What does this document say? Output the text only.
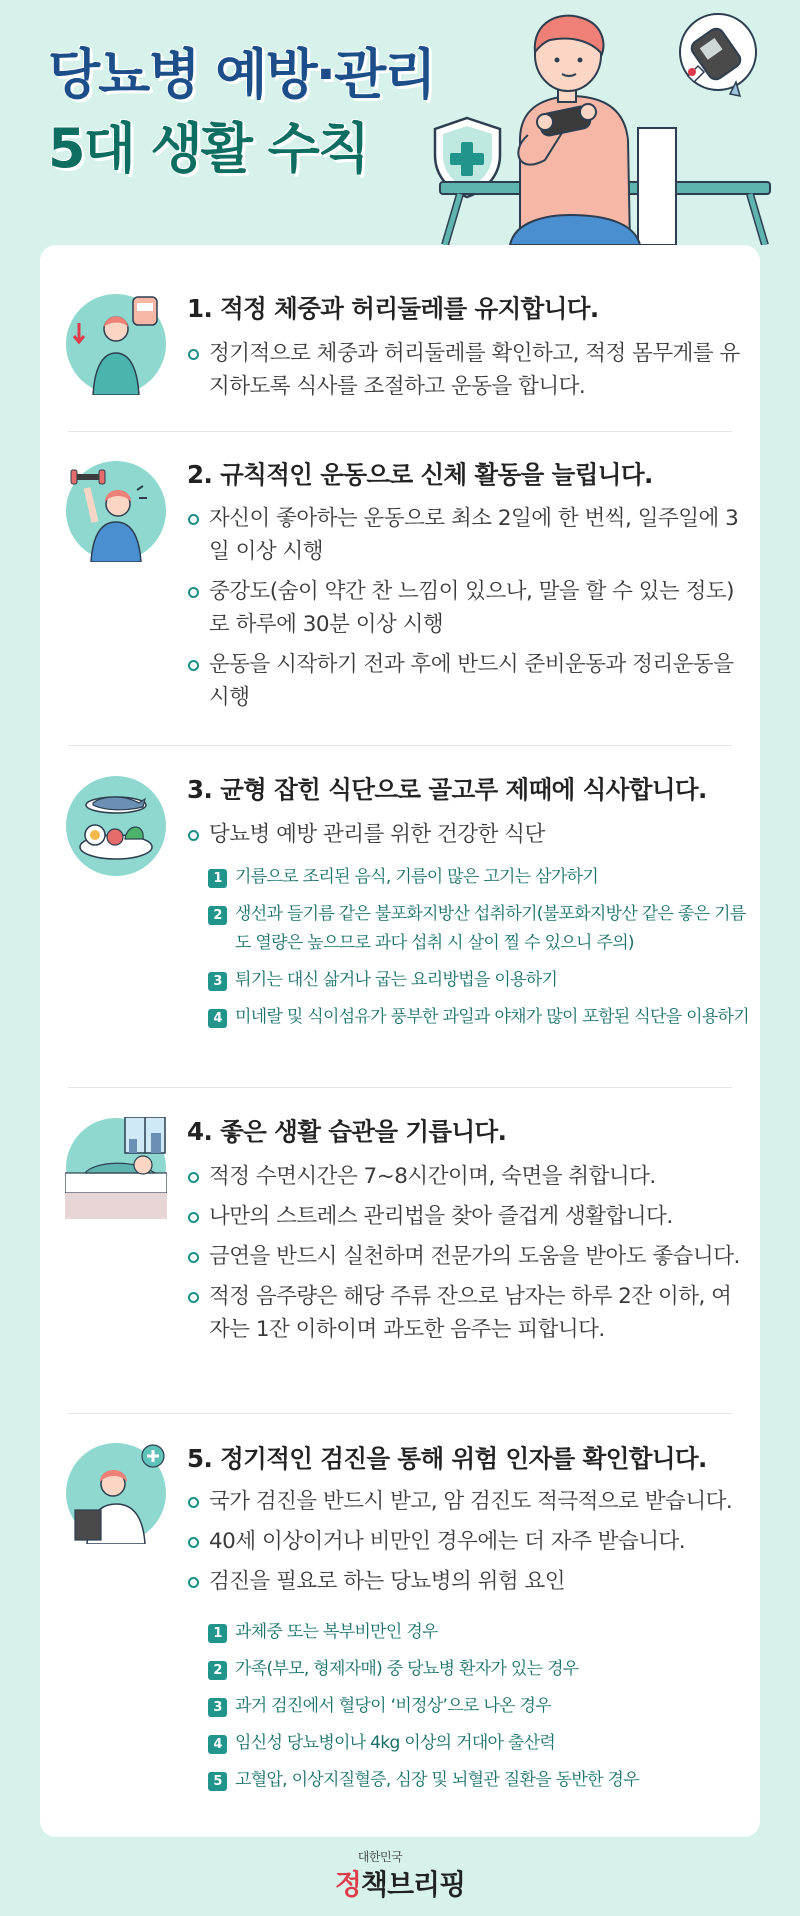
당뇨병 예방·관리
5대 생활 수칙
1. 적정 체중과 허리둘레를 유지합니다.
정기적으로 체중과 허리둘레를 확인하고, 적정 몸무게를 유지하도록 식사를 조절하고 운동을 합니다.
2. 규칙적인 운동으로 신체 활동을 늘립니다.
자신이 좋아하는 운동으로 최소 2일에 한 번씩, 일주일에 3일 이상 시행
중강도(숨이 약간 찬 느낌이 있으나, 말을 할 수 있는 정도)로 하루에 30분 이상 시행
운동을 시작하기 전과 후에 반드시 준비운동과 정리운동을 시행
3. 균형 잡힌 식단으로 골고루 제때에 식사합니다.
당뇨병 예방 관리를 위한 건강한 식단
1 기름으로 조리된 음식, 기름이 많은 고기는 삼가하기
2 생선과 들기름 같은 불포화지방산 섭취하기(불포화지방산 같은 좋은 기름도 열량은 높으므로 과다 섭취 시 살이 찔 수 있으니 주의)
3 튀기는 대신 삶거나 굽는 요리방법을 이용하기
4 미네랄 및 식이섬유가 풍부한 과일과 야채가 많이 포함된 식단을 이용하기
4. 좋은 생활 습관을 기릅니다.
적정 수면시간은 7~8시간이며, 숙면을 취합니다.
나만의 스트레스 관리법을 찾아 즐겁게 생활합니다.
금연을 반드시 실천하며 전문가의 도움을 받아도 좋습니다.
적정 음주량은 해당 주류 잔으로 남자는 하루 2잔 이하, 여자는 1잔 이하이며 과도한 음주는 피합니다.
5. 정기적인 검진을 통해 위험 인자를 확인합니다.
국가 검진을 반드시 받고, 암 검진도 적극적으로 받습니다.
40세 이상이거나 비만인 경우에는 더 자주 받습니다.
검진을 필요로 하는 당뇨병의 위험 요인
1 과체중 또는 복부비만인 경우
2 가족(부모, 형제자매) 중 당뇨병 환자가 있는 경우
3 과거 검진에서 혈당이 ‘비정상’으로 나온 경우
4 임신성 당뇨병이나 4kg 이상의 거대아 출산력
5 고혈압, 이상지질혈증, 심장 및 뇌혈관 질환을 동반한 경우
대한민국
정책브리핑
